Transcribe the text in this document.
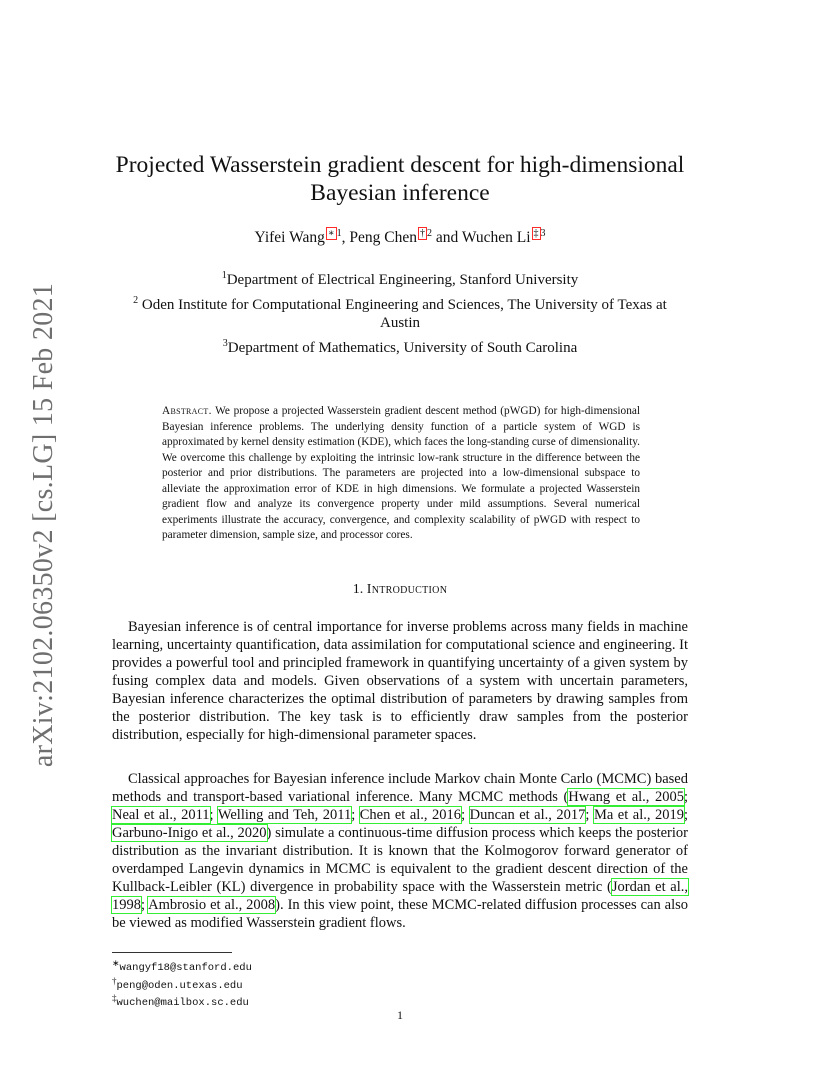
arXiv:2102.06350v2 [cs.LG] 15 Feb 2021
Projected Wasserstein gradient descent for high-dimensional Bayesian inference
Yifei Wang ∗ $^1$, Peng Chen † $^2$ and Wuchen Li ‡ $^3$
$^1$Department of Electrical Engineering, Stanford University
$^2$ Oden Institute for Computational Engineering and Sciences, The University of Texas at Austin
$^3$Department of Mathematics, University of South Carolina
Abstract. We propose a projected Wasserstein gradient descent method (pWGD) for high-dimensional Bayesian inference problems. The underlying density function of a particle system of WGD is approximated by kernel density estimation (KDE), which faces the long-standing curse of dimensionality. We overcome this challenge by exploiting the intrinsic low-rank structure in the difference between the posterior and prior distributions. The parameters are projected into a low-dimensional subspace to alleviate the approximation error of KDE in high dimensions. We formulate a projected Wasserstein gradient flow and analyze its convergence property under mild assumptions. Several numerical experiments illustrate the accuracy, convergence, and complexity scalability of pWGD with respect to parameter dimension, sample size, and processor cores.
1. Introduction

Bayesian inference is of central importance for inverse problems across many fields in machine learning, uncertainty quantification, data assimilation for computational science and engineering. It provides a powerful tool and principled framework in quantifying uncertainty of a given system by fusing complex data and models. Given observations of a system with uncertain parameters, Bayesian inference characterizes the optimal distribution of parameters by drawing samples from the posterior distribution. The key task is to efficiently draw samples from the posterior distribution, especially for high-dimensional parameter spaces.

Classical approaches for Bayesian inference include Markov chain Monte Carlo (MCMC) based methods and transport-based variational inference. Many MCMC methods (Hwang et al., 2005; Neal et al., 2011; Welling and Teh, 2011; Chen et al., 2016; Duncan et al., 2017; Ma et al., 2019; Garbuno-Inigo et al., 2020) simulate a continuous-time diffusion process which keeps the posterior distribution as the invariant distribution. It is known that the Kolmogorov forward generator of overdamped Langevin dynamics in MCMC is equivalent to the gradient descent direction of the Kullback-Leibler (KL) divergence in probability space with the Wasserstein metric (Jordan et al., 1998; Ambrosio et al., 2008). In this view point, these MCMC-related diffusion processes can also be viewed as modified Wasserstein gradient flows.

∗wangyf18@stanford.edu
†peng@oden.utexas.edu
‡wuchen@mailbox.sc.edu
1
